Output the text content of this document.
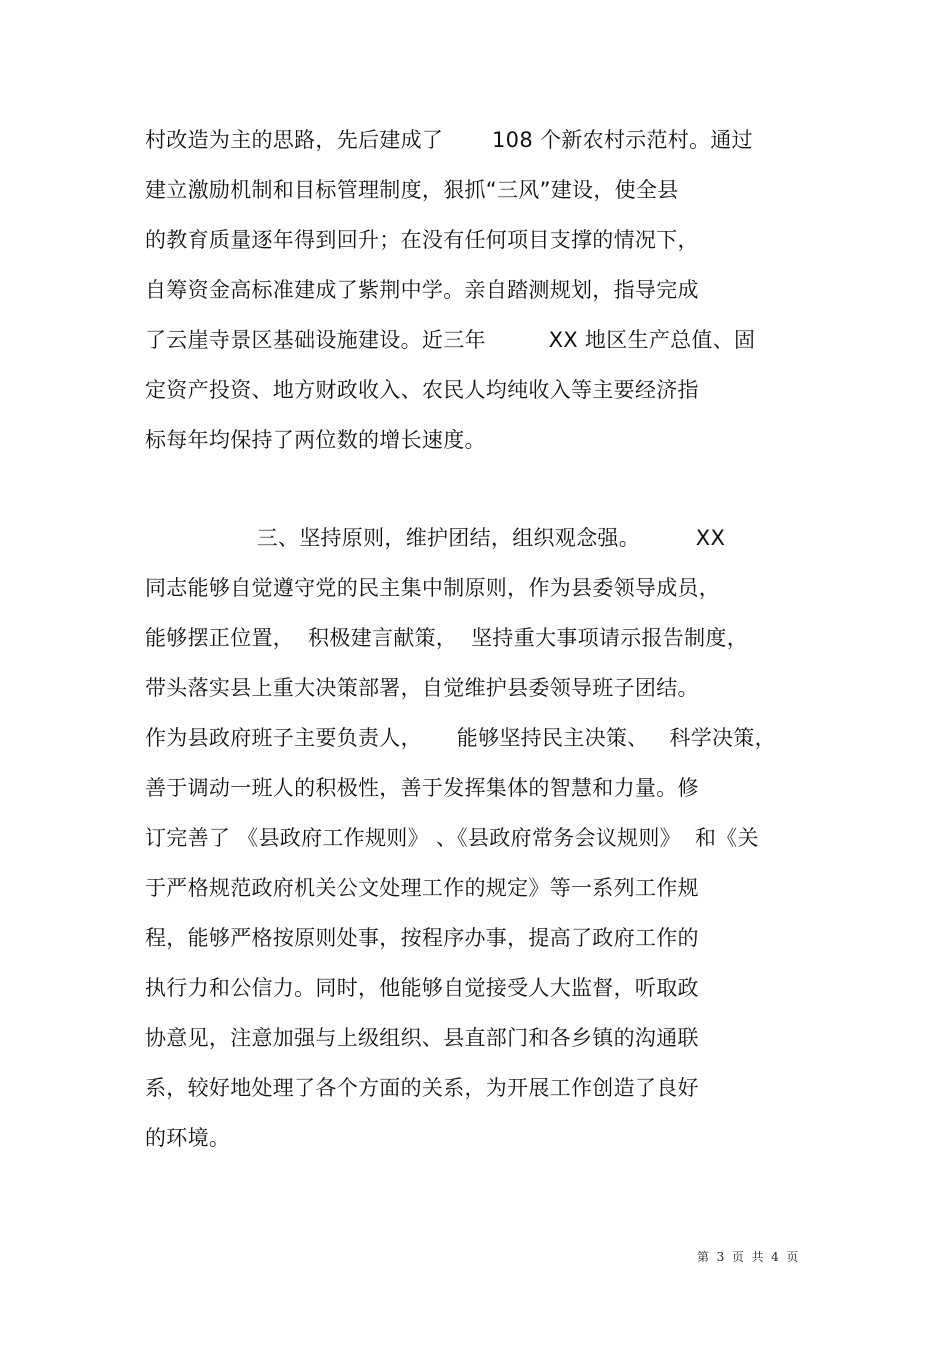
村改造为主的思路，先后建成了       108 个新农村示范村。通过
建立激励机制和目标管理制度，狠抓“三风”建设，使全县
的教育质量逐年得到回升；在没有任何项目支撑的情况下，
自筹资金高标准建成了紫荆中学。亲自踏测规划，指导完成
了云崖寺景区基础设施建设。近三年         XX 地区生产总值、固
定资产投资、地方财政收入、农民人均纯收入等主要经济指
标每年均保持了两位数的增长速度。
三、坚持原则，维护团结，组织观念强。        XX
同志能够自觉遵守党的民主集中制原则，作为县委领导成员，
能够摆正位置，  积极建言献策，  坚持重大事项请示报告制度，
带头落实县上重大决策部署，自觉维护县委领导班子团结。
作为县政府班子主要负责人，     能够坚持民主决策、   科学决策，
善于调动一班人的积极性，善于发挥集体的智慧和力量。修
订完善了 《县政府工作规则》 、《县政府常务会议规则》  和《关
于严格规范政府机关公文处理工作的规定》等一系列工作规
程，能够严格按原则处事，按程序办事，提高了政府工作的
执行力和公信力。同时，他能够自觉接受人大监督，听取政
协意见，注意加强与上级组织、县直部门和各乡镇的沟通联
系，较好地处理了各个方面的关系，为开展工作创造了良好
的环境。
第  3  页  共  4  页
